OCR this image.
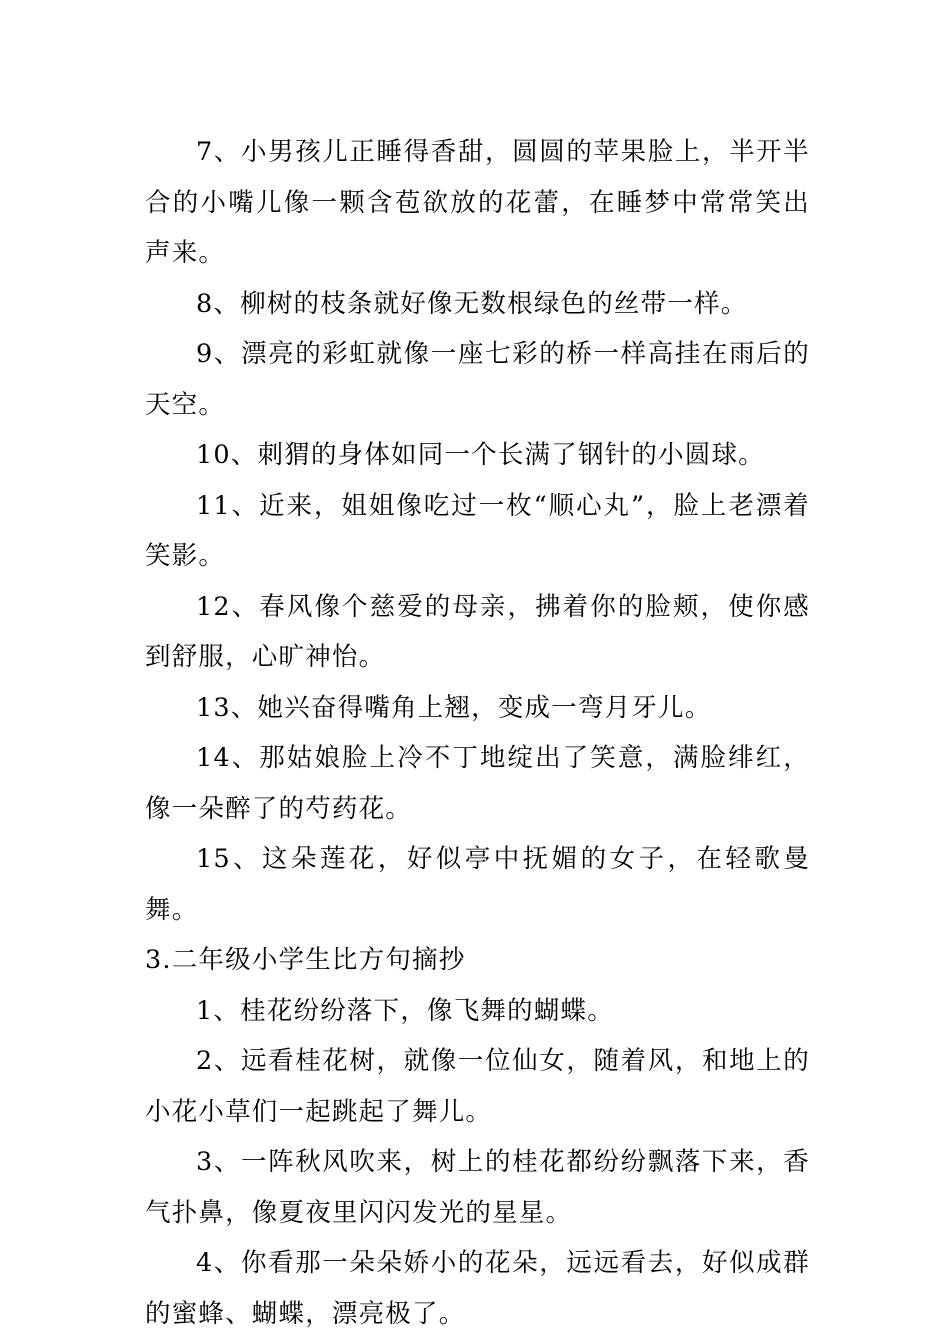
7、小男孩儿正睡得香甜，圆圆的苹果脸上，半开半合的小嘴儿像一颗含苞欲放的花蕾，在睡梦中常常笑出声来。

8、柳树的枝条就好像无数根绿色的丝带一样。

9、漂亮的彩虹就像一座七彩的桥一样高挂在雨后的天空。

10、刺猬的身体如同一个长满了钢针的小圆球。

11、近来，姐姐像吃过一枚“顺心丸”，脸上老漂着笑影。

12、春风像个慈爱的母亲，拂着你的脸颊，使你感到舒服，心旷神怡。

13、她兴奋得嘴角上翘，变成一弯月牙儿。

14、那姑娘脸上冷不丁地绽出了笑意，满脸绯红，像一朵醉了的芍药花。

15、这朵莲花，好似亭中抚媚的女子，在轻歌曼舞。

3.二年级小学生比方句摘抄

1、桂花纷纷落下，像飞舞的蝴蝶。

2、远看桂花树，就像一位仙女，随着风，和地上的小花小草们一起跳起了舞儿。

3、一阵秋风吹来，树上的桂花都纷纷飘落下来，香气扑鼻，像夏夜里闪闪发光的星星。

4、你看那一朵朵娇小的花朵，远远看去，好似成群的蜜蜂、蝴蝶，漂亮极了。
